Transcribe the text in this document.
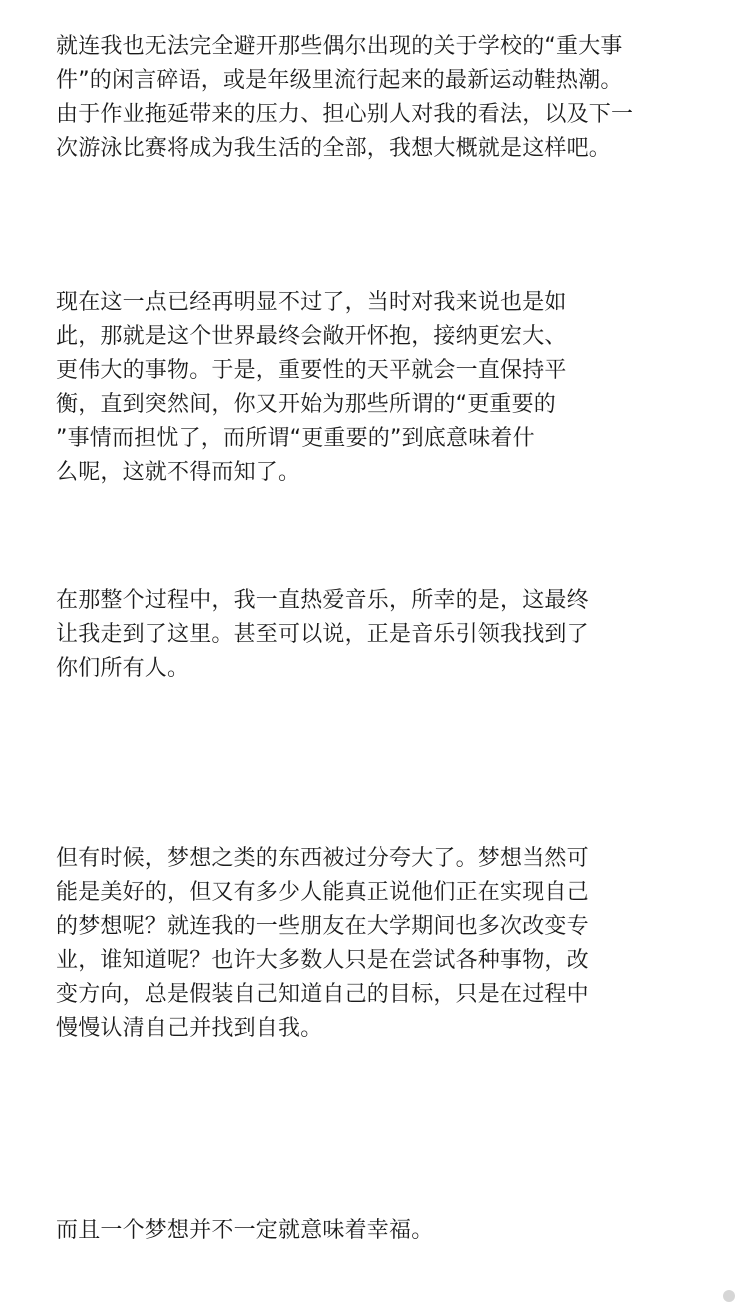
就连我也无法完全避开那些偶尔出现的关于学校的“重大事
件”的闲言碎语，或是年级里流行起来的最新运动鞋热潮。
由于作业拖延带来的压力、担心别人对我的看法，以及下一
次游泳比赛将成为我生活的全部，我想大概就是这样吧。
现在这一点已经再明显不过了，当时对我来说也是如
此，那就是这个世界最终会敞开怀抱，接纳更宏大、
更伟大的事物。于是，重要性的天平就会一直保持平
衡，直到突然间，你又开始为那些所谓的“更重要的
”事情而担忧了，而所谓“更重要的”到底意味着什
么呢，这就不得而知了。
在那整个过程中，我一直热爱音乐，所幸的是，这最终
让我走到了这里。甚至可以说，正是音乐引领我找到了
你们所有人。
但有时候，梦想之类的东西被过分夸大了。梦想当然可
能是美好的，但又有多少人能真正说他们正在实现自己
的梦想呢？就连我的一些朋友在大学期间也多次改变专
业，谁知道呢？也许大多数人只是在尝试各种事物，改
变方向，总是假装自己知道自己的目标，只是在过程中
慢慢认清自己并找到自我。
而且一个梦想并不一定就意味着幸福。
